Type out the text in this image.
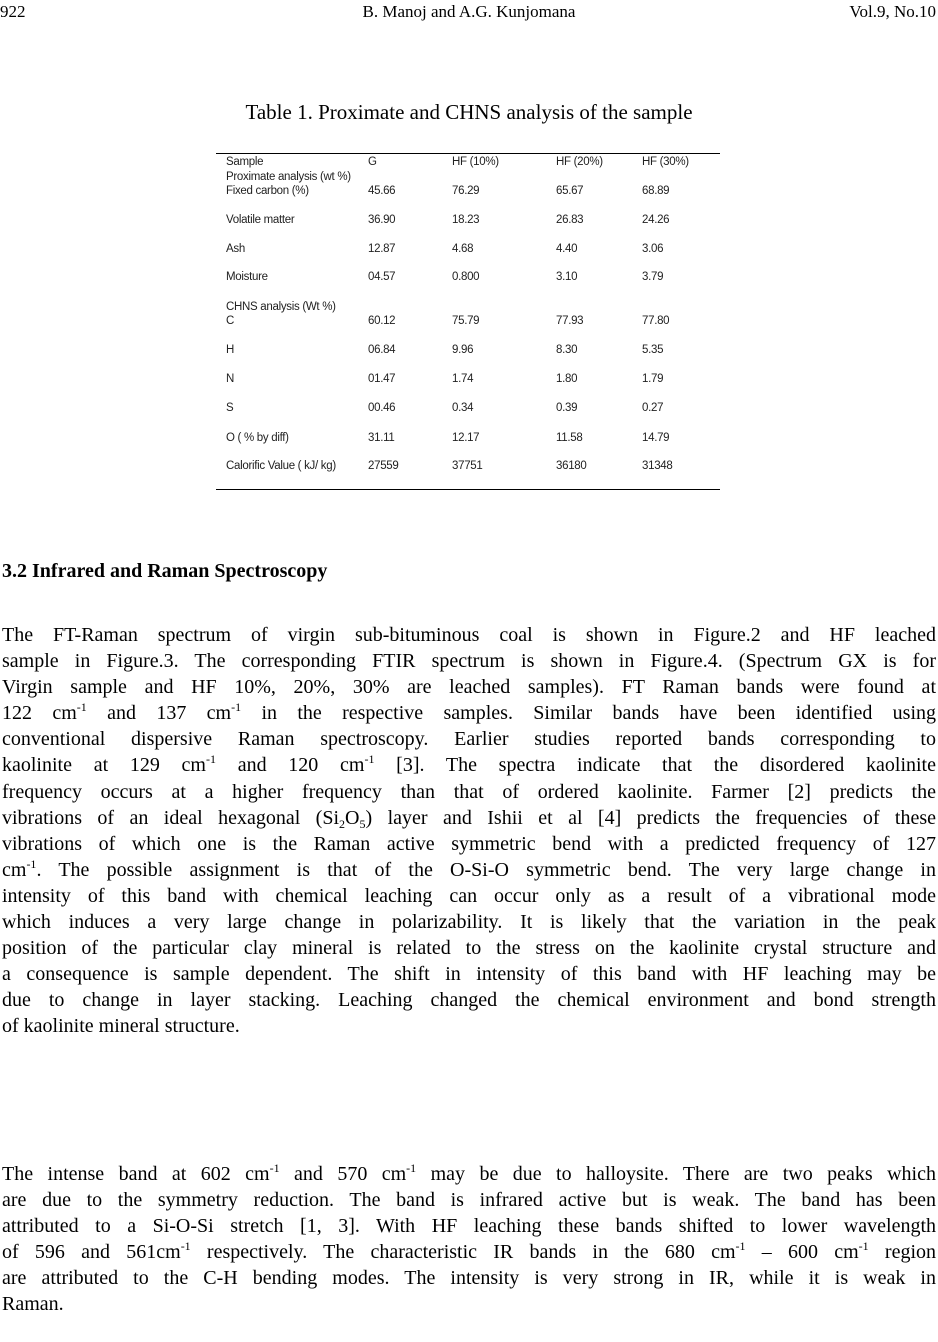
922	B. Manoj and A.G. Kunjomana	Vol.9, No.10
Table 1. Proximate and CHNS analysis of the sample
Sample	G	HF (10%)	HF (20%)	HF (30%)
Proximate analysis (wt %)
Fixed carbon (%)	45.66	76.29	65.67	68.89
Volatile matter	36.90	18.23	26.83	24.26
Ash	12.87	4.68	4.40	3.06
Moisture	04.57	0.800	3.10	3.79
CHNS analysis (Wt %)
C	60.12	75.79	77.93	77.80
H	06.84	9.96	8.30	5.35
N	01.47	1.74	1.80	1.79
S	00.46	0.34	0.39	0.27
O ( % by diff)	31.11	12.17	11.58	14.79
Calorific Value ( kJ/ kg)	27559	37751	36180	31348
3.2 Infrared and Raman Spectroscopy
The FT-Raman spectrum of virgin sub-bituminous coal is shown in Figure.2 and HF leached
sample in Figure.3. The corresponding FTIR spectrum is shown in Figure.4. (Spectrum GX is for
Virgin sample and HF 10%, 20%, 30% are leached samples). FT Raman bands were found at
122 $cm^{-1}$ and 137 $cm^{-1}$ in the respective samples. Similar bands have been identified using
conventional dispersive Raman spectroscopy. Earlier studies reported bands corresponding to
kaolinite at 129 $cm^{-1}$ and 120 $cm^{-1}$ [3]. The spectra indicate that the disordered kaolinite
frequency occurs at a higher frequency than that of ordered kaolinite. Farmer [2] predicts the
vibrations of an ideal hexagonal $(Si_2O_5)$ layer and Ishii et al [4] predicts the frequencies of these
vibrations of which one is the Raman active symmetric bend with a predicted frequency of 127
$cm^{-1}$. The possible assignment is that of the O-Si-O symmetric bend. The very large change in
intensity of this band with chemical leaching can occur only as a result of a vibrational mode
which induces a very large change in polarizability. It is likely that the variation in the peak
position of the particular clay mineral is related to the stress on the kaolinite crystal structure and
a consequence is sample dependent. The shift in intensity of this band with HF leaching may be
due to change in layer stacking. Leaching changed the chemical environment and bond strength
of kaolinite mineral structure.
The intense band at 602 $cm^{-1}$ and 570 $cm^{-1}$ may be due to halloysite. There are two peaks which
are due to the symmetry reduction. The band is infrared active but is weak. The band has been
attributed to a Si-O-Si stretch [1, 3]. With HF leaching these bands shifted to lower wavelength
of 596 and $561cm^{-1}$ respectively. The characteristic IR bands in the 680 $cm^{-1} - 600$ $cm^{-1}$ region
are attributed to the C-H bending modes. The intensity is very strong in IR, while it is weak in
Raman.
